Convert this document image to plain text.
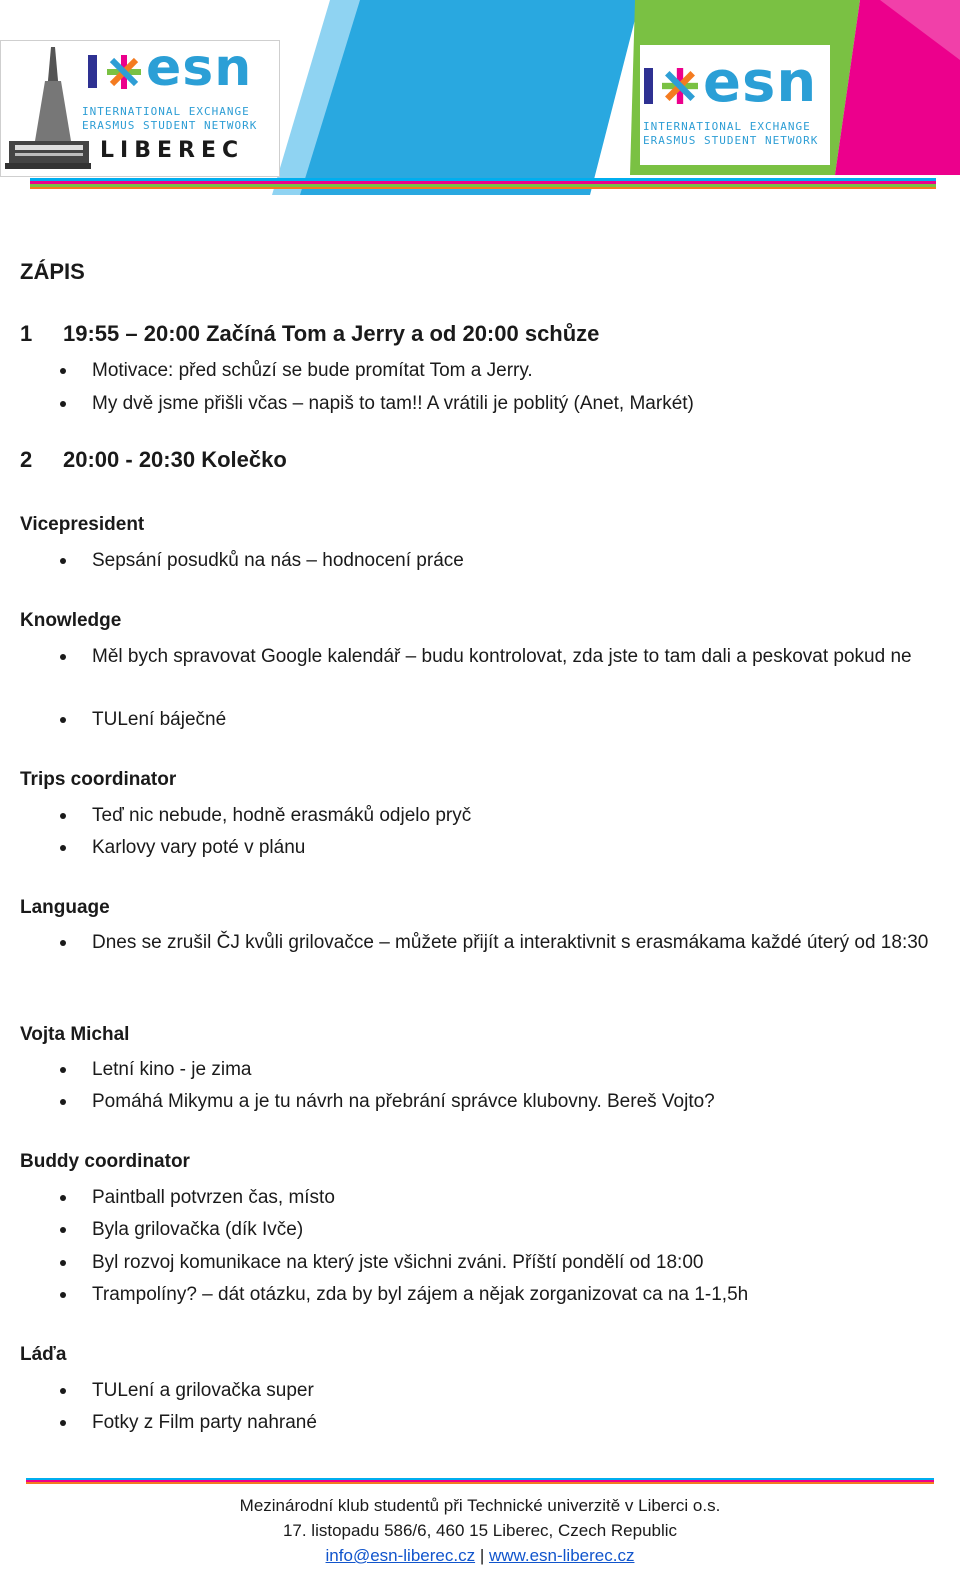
esn
INTERNATIONAL EXCHANGE
ERASMUS STUDENT NETWORK
LIBEREC
esn
INTERNATIONAL EXCHANGE
ERASMUS STUDENT NETWORK
ZÁPIS
1 19:55 – 20:00 Začíná Tom a Jerry a od 20:00 schůze
Motivace: před schůzí se bude promítat Tom a Jerry.
My dvě jsme přišli včas – napiš to tam!! A vrátili je poblitý (Anet, Markét)
2 20:00 - 20:30 Kolečko
Vicepresident
Sepsání posudků na nás – hodnocení práce
Knowledge
Měl bych spravovat Google kalendář – budu kontrolovat, zda jste to tam dali a peskovat pokud ne
TULení báječné
Trips coordinator
Teď nic nebude, hodně erasmáků odjelo pryč
Karlovy vary poté v plánu
Language
Dnes se zrušil ČJ kvůli grilovačce – můžete přijít a interaktivnit s erasmákama každé úterý od 18:30
Vojta Michal
Letní kino - je zima
Pomáhá Mikymu a je tu návrh na přebrání správce klubovny. Bereš Vojto?
Buddy coordinator
Paintball potvrzen čas, místo
Byla grilovačka (dík Ivče)
Byl rozvoj komunikace na který jste všichni zváni. Příští pondělí od 18:00
Trampolíny? – dát otázku, zda by byl zájem a nějak zorganizovat ca na 1-1,5h
Láďa
TULení a grilovačka super
Fotky z Film party nahrané
Mezinárodní klub studentů při Technické univerzitě v Liberci o.s.
17. listopadu 586/6, 460 15 Liberec, Czech Republic
info@esn-liberec.cz | www.esn-liberec.cz
